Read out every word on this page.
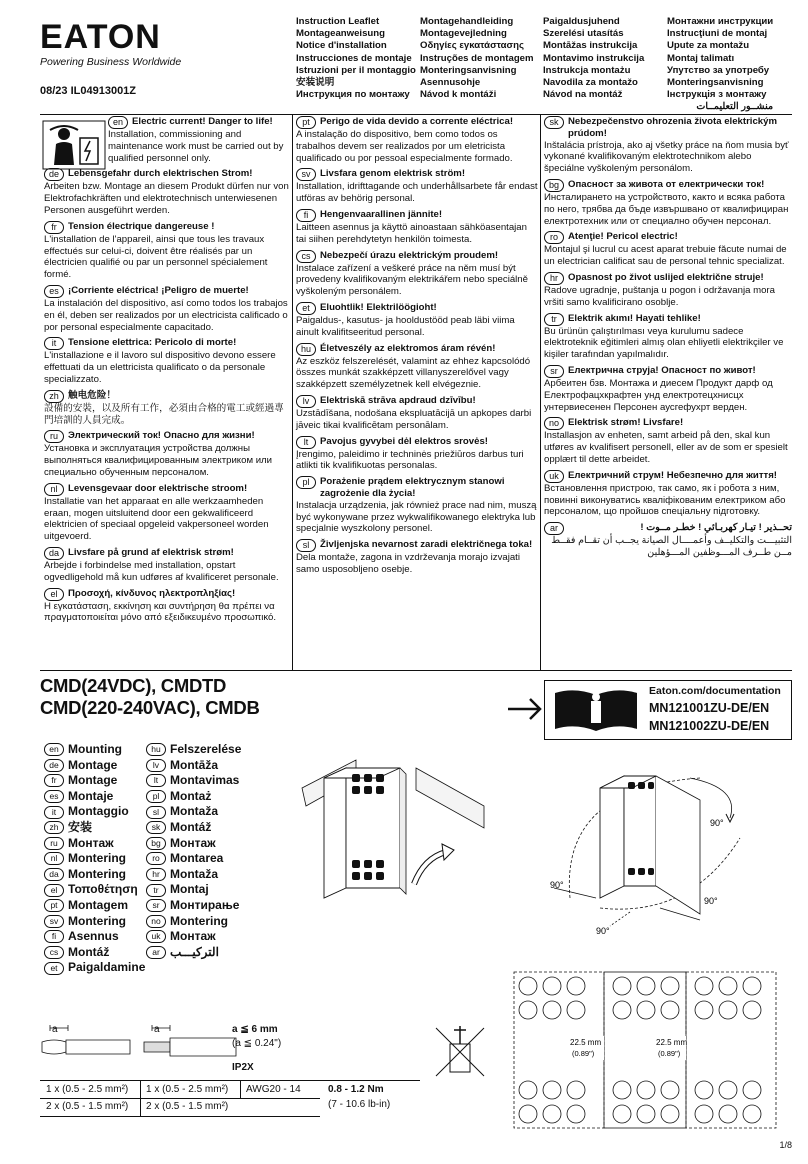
EATON
Powering Business Worldwide
08/23 IL04913001Z
Instruction Leaflet
Montageanweisung
Notice d'installation
Instrucciones de montaje
Istruzioni per il montaggio
安装说明
Инструкция по монтажу
Montagehandleiding
Montagevejledning
Οδηγίες εγκατάστασης
Instruções de montagem
Monteringsanvisning
Asennusohje
Návod k montáži
Paigaldusjuhend
Szerelési utasítás
Montāžas instrukcija
Montavimo instrukcija
Instrukcja montażu
Navodila za montažo
Návod na montáž
Монтажни инструкции
Instrucţiuni de montaj
Upute za montažu
Montaj talimatı
Упутство за употребу
Monteringsanvisning
Інструкція з монтажу
منشــور التعليمــات
en Electric current! Danger to life!
Installation, commissioning and maintenance work must be carried out by qualified personnel only.
de Lebensgefahr durch elektrischen Strom!
Arbeiten bzw. Montage an diesem Produkt dürfen nur von Elektrofachkräften und elektrotechnisch unterwiesenen Personen ausgeführt werden.
fr	Tension électrique dangereuse !
L'installation de l'appareil, ainsi que tous les travaux effectués sur celui-ci, doivent être réalisés par un électricien qualifié ou par un personnel spécialement formé.
es ¡Corriente eléctrica! ¡Peligro de muerte!
La instalación del dispositivo, así como todos los trabajos en él, deben ser realizados por un electricista calificado o por personal especialmente capacitado.
it	Tensione elettrica: Pericolo di morte!
L'installazione e il lavoro sul dispositivo devono essere effettuati da un elettricista qualificato o da personale specializzato.
zh 触电危险！
設備的安裝，以及所有工作，必須由合格的電工或經過專門培訓的人員完成。
ru	Электрический ток! Опасно для жизни!
Установка и эксплуатация устройства должны выполняться квалифицированным электриком или специально обученным персоналом.
nl	Levensgevaar door elektrische stroom!
Installatie van het apparaat en alle werkzaamheden eraan, mogen uitsluitend door een gekwalificeerd elektricien of speciaal opgeleid vakpersoneel worden uitgevoerd.
da Livsfare på grund af elektrisk strøm!
Arbejde i forbindelse med installation, opstart ogvedligehold må kun udføres af kvalificeret personale.
el	Προσοχή, κίνδυνος ηλεκτροπληξίας!
Η εγκατάσταση, εκκίνηση και συντήρηση θα πρέπει να πραγματοποιείται μόνο από εξειδικευμένο προσωπικό.
pt	Perigo de vida devido a corrente eléctrica!
A instalação do dispositivo, bem como todos os trabalhos devem ser realizados por um eletricista qualificado ou por pessoal especialmente formado.
sv Livsfara genom elektrisk ström!
Installation, idrifttagande och underhållsarbete får endast utföras av behörig personal.
fi	Hengenvaarallinen jännite!
Laitteen asennus ja käyttö ainoastaan sähköasentajan tai siihen perehdytetyn henkilön toimesta.
cs Nebezpečí úrazu elektrickým proudem!
Instalace zařízení a veškeré práce na něm musí být provedeny kvalifikovaným elektrikářem nebo speciálně vyškoleným personálem.
et	Eluohtlik! Elektrilöögioht!
Paigaldus-, kasutus- ja hooldustööd peab läbi viima ainult kvalifitseeritud personal.
hu Életveszély az elektromos áram révén!
Az eszköz felszerelését, valamint az ehhez kapcsolódó összes munkát szakképzett villanyszerelővel vagy szakképzett személyzetnek kell elvégeznie.
lv	Elektriskā strāva apdraud dzīvību!
Uzstādīšana, nodošana ekspluatācijā un apkopes darbi jāveic tikai kvalificētam personālam.
lt	Pavojus gyvybei dėl elektros srovės!
Įrengimo, paleidimo ir techninės priežiūros darbus turi atlikti tik kvalifikuotas personalas.
pl	Porażenie prądem elektrycznym stanowi zagrożenie dla życia!
Instalacja urządzenia, jak również prace nad nim, muszą być wykonywane przez wykwalifikowanego elektryka lub specjalnie wyszkolony personel.
sl	Življenjska nevarnost zaradi električnega toka!
Dela montaže, zagona in vzdrževanja morajo izvajati samo usposobljeno osebje.
sk Nebezpečenstvo ohrozenia života elektrickým prúdom!
Inštalácia prístroja, ako aj všetky práce na ňom musia byť vykonané kvalifikovaným elektrotechnikom alebo špeciálne vyškoleným personálom.
bg Опасност за живота от електрически ток!
Инсталирането на устройството, както и всяка работа по него, трябва да бъде извършвано от квалифициран електротехник или от специално обучен персонал.
ro	Atenţie! Pericol electric!
Montajul şi lucrul cu acest aparat trebuie făcute numai de un electrician calificat sau de personal tehnic specializat.
hr	Opasnost po život uslijed električne struje!
Radove ugradnje, puštanja u pogon i održavanja mora vršiti samo kvalificirano osoblje.
tr	Elektrik akımı! Hayati tehlike!
Bu ürünün çalıştırılması veya kurulumu sadece elektroteknik eğitimleri almış olan ehliyetli elektrikçiler ve kişiler tarafından yapılmalıdır.
sr	Електрична струја! Опасност по живот!
Арбеитен бзв. Монтажа и диесем Продукт дарф од Електрофацхкрафтен унд електротецхнисцх унтервиесенен Персонен аусгефухрт верден.
no Elektrisk strøm! Livsfare!
Installasjon av enheten, samt arbeid på den, skal kun utføres av kvalifisert personell, eller av de som er spesielt opplært til dette arbeidet.
uk Електричний струм! Небезпечно для життя!
Встановлення пристрою, так само, як і робота з ним, повинні виконуватись кваліфікованим електриком або персоналом, що пройшов спеціальну підготовку.
ar	تحــذير ! تيـار كهربـائي ! خطـر مــوت !
التثبيـــت والتكليــف وأعمــــال الصيانة يجــب أن تقــام فقــط مــن طــرف المـــوظفين المـــؤهلين
CMD(24VDC), CMDTD
CMD(220-240VAC), CMDB
Eaton.com/documentation
MN121001ZU-DE/EN
MN121002ZU-DE/EN
en Mounting
de Montage
fr Montage
es Montaje
it Montaggio
zh 安装
ru Монтаж
nl Montering
da Montering
el Τοποθέτηση
pt Montagem
sv Montering
fi Asennus
cs Montáž
et Paigaldamine
hu Felszerelése
lv Montāža
lt Montavimas
pl Montaż
sl Montaža
sk Montáž
bg Монтаж
ro Montarea
hr Montaža
tr Montaj
sr Монтирање
no Montering
uk Монтаж
ar التركيـــب
90°
90°
90°
90°
22.5 mm
(0.89")
22.5 mm
(0.89")
a	a	a ≦ 6 mm
(a ≦ 0.24")
IP2X
1 x (0.5 - 2.5 mm²) 1 x (0.5 - 2.5 mm²) AWG20 - 14	0.8 - 1.2 Nm
2 x (0.5 - 1.5 mm²) 2 x (0.5 - 1.5 mm²)	(7 - 10.6 lb-in)
1/8
